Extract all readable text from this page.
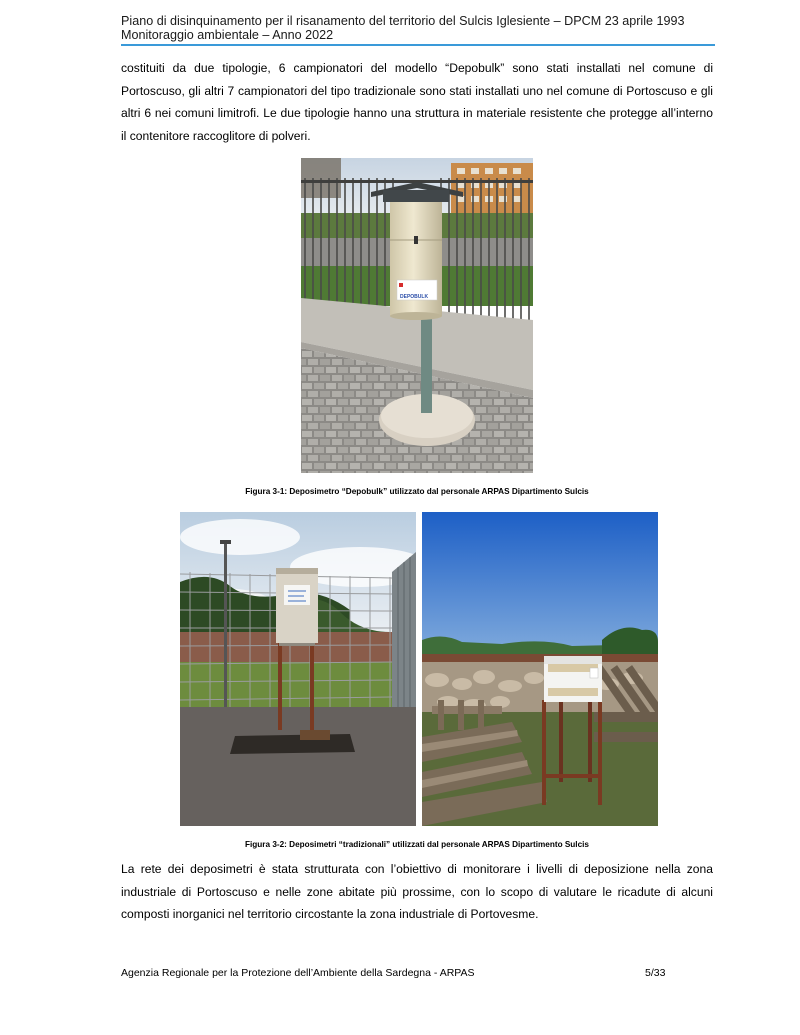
Piano di disinquinamento per il risanamento del territorio del Sulcis Iglesiente – DPCM 23 aprile 1993
Monitoraggio ambientale – Anno 2022

costituiti da due tipologie, 6 campionatori del modello “Depobulk” sono stati installati nel comune di Portoscuso, gli altri 7 campionatori del tipo tradizionale sono stati installati uno nel comune di Portoscuso e gli altri 6 nei comuni limitrofi. Le due tipologie hanno una struttura in materiale resistente che protegge all’interno il contenitore raccoglitore di polveri.

DEPOBULK
Figura 3-1: Deposimetro “Depobulk” utilizzato dal personale ARPAS Dipartimento Sulcis
Figura 3-2: Deposimetri “tradizionali” utilizzati dal personale ARPAS Dipartimento Sulcis

La rete dei deposimetri è stata strutturata con l’obiettivo di monitorare i livelli di deposizione nella zona industriale di Portoscuso e nelle zone abitate più prossime, con lo scopo di valutare le ricadute di alcuni composti inorganici nel territorio circostante la zona industriale di Portovesme.

Agenzia Regionale per la Protezione dell’Ambiente della Sardegna - ARPAS	5/33
